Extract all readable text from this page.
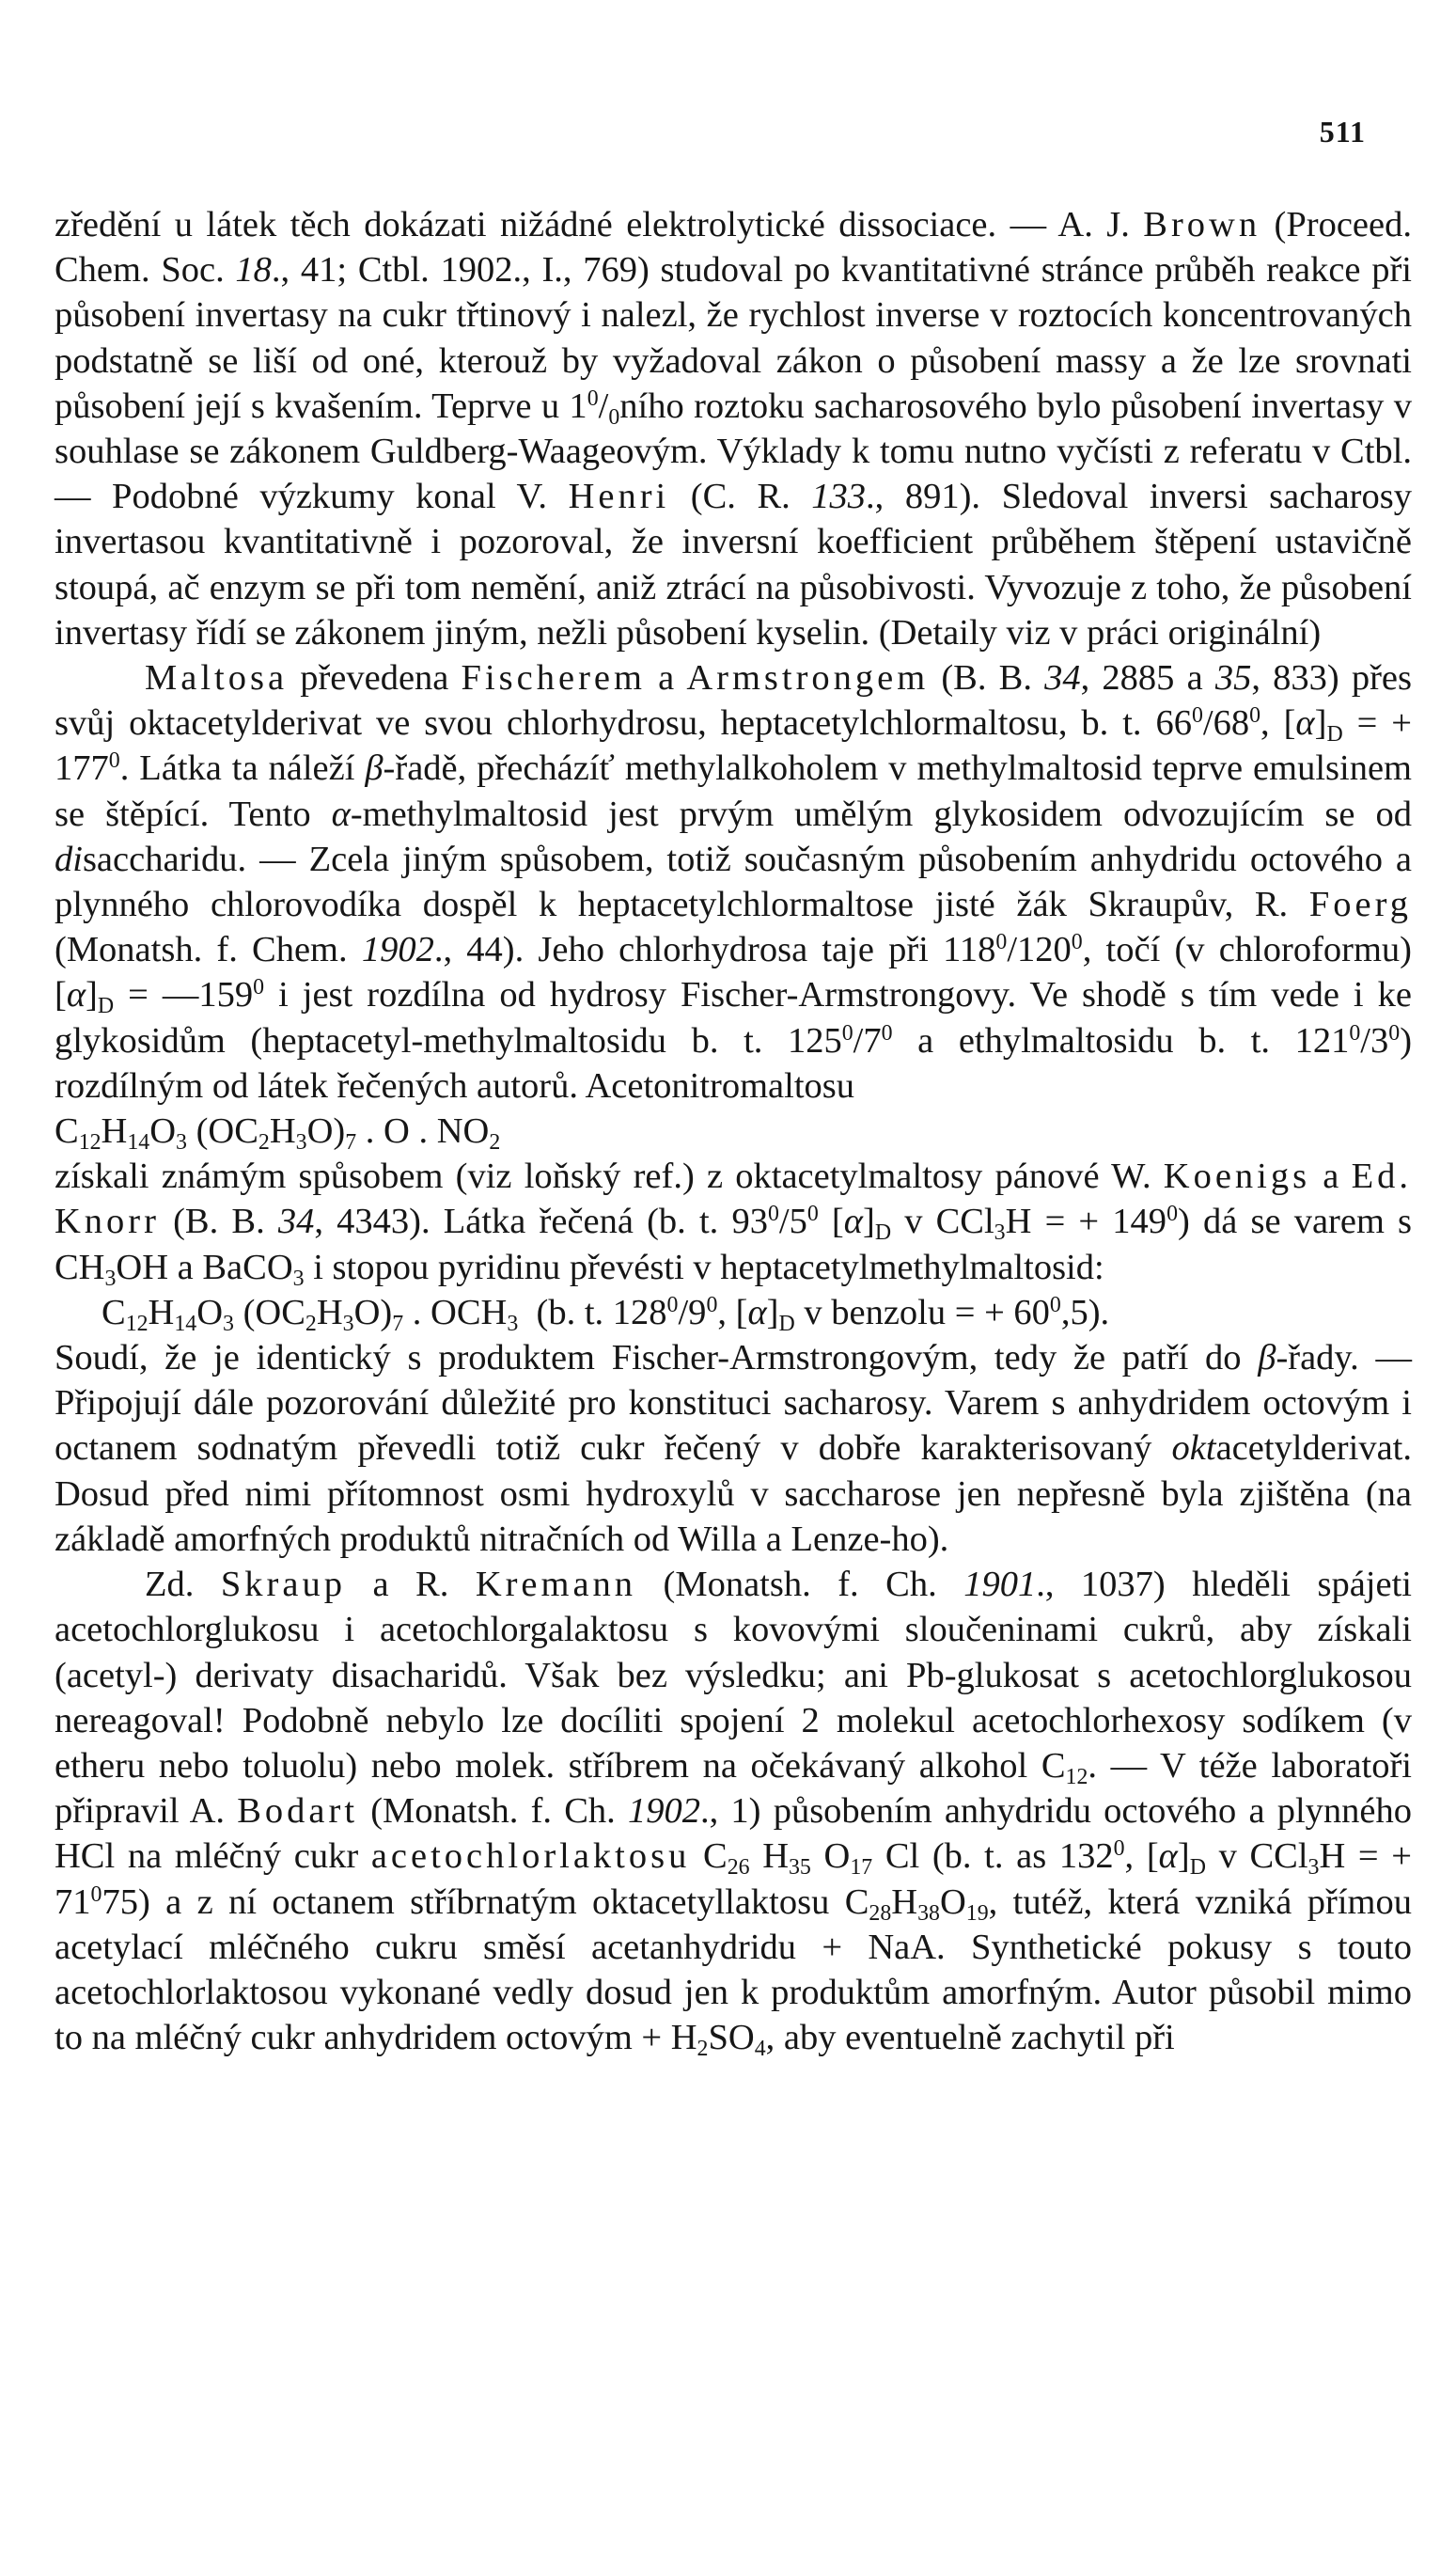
511

zředění u látek těch dokázati nižádné elektrolytické dissociace. — A. J. Brown (Proceed. Chem. Soc. 18., 41; Ctbl. 1902., I., 769) studoval po kvantitativné stránce průběh reakce při působení invertasy na cukr třtinový i nalezl, že rychlost inverse v roztocích koncentrovaných podstatně se liší od oné, kterouž by vyžadoval zákon o působení massy a že lze srovnati působení její s kvašením. Teprve u $1^0/_0ního$ roztoku sacharosového bylo působení invertasy v souhlase se zákonem Guldberg-Waageovým. Výklady k tomu nutno vyčísti z referatu v Ctbl. — Podobné výzkumy konal V. Henri (C. R. 133., 891). Sledoval inversi sacharosy invertasou kvantitativně i pozoroval, že inversní koefficient průběhem štěpení ustavičně stoupá, ač enzym se při tom nemění, aniž ztrácí na působivosti. Vyvozuje z toho, že působení invertasy řídí se zákonem jiným, nežli působení kyselin. (Detaily viz v práci originální)

Maltosa převedena Fischerem a Armstrongem (B. B. 34, 2885 a 35, 833) přes svůj oktacetylderivat ve svou chlorhydrosu, heptacetylchlormaltosu, b. t. $66^0/68^0$, $[\alpha]_D$ = + $177^0$. Látka ta náleží β-řadě, přecházíť methylalkoholem v methylmaltosid teprve emulsinem se štěpící. Tento α-methylmaltosid jest prvým umělým glykosidem odvozujícím se od disaccharidu. — Zcela jiným spůsobem, totiž současným působením anhydridu octového a plynného chlorovodíka dospěl k heptacetylchlormaltose jisté žák Skraupův, R. Foerg (Monatsh. f. Chem. 1902., 44). Jeho chlorhydrosa taje při $118^0/120^0$, točí (v chloroformu) $[\alpha]_D$ = $—159^0$ i jest rozdílna od hydrosy Fischer-Armstrongovy. Ve shodě s tím vede i ke glykosidům (heptacetyl-methylmaltosidu b. t. $125^0/7^0$ a ethylmaltosidu b. t. $121^0/3^0$) rozdílným od látek řečených autorů. Acetonitromaltosu

$C_{12}H_{14}O_3$ $(OC_2H_3O)_7$ . O . $NO_2$

získali známým spůsobem (viz loňský ref.) z oktacetylmaltosy pánové W. Koenigs a Ed. Knorr (B. B. 34, 4343). Látka řečená (b. t. $93^0/5^0$ $[\alpha]_D$ v CCl$_3$H = + $149^0$) dá se varem s $CH_3OH$ a BaCO$_3$ i stopou pyridinu převésti v heptacetylmethylmaltosid:

$C_{12}H_{14}O_3$ $(OC_2H_3O)_7$ . $OCH_3$  (b. t. $128^0/9^0$, $[\alpha]_D$ v benzolu = + $60^0,5$).

Soudí, že je identický s produktem Fischer-Armstrongovým, tedy že patří do β-řady. — Připojují dále pozorování důležité pro konstituci sacharosy. Varem s anhydridem octovým i octanem sodnatým převedli totiž cukr řečený v dobře karakterisovaný oktacetylderivat. Dosud před nimi přítomnost osmi hydroxylů v saccharose jen nepřesně byla zjištěna (na základě amorfných produktů nitračních od Willa a Lenze-ho).

Zd. Skraup a R. Kremann (Monatsh. f. Ch. 1901., 1037) hleděli spájeti acetochlorglukosu i acetochlorgalaktosu s kovovými sloučeninami cukrů, aby získali (acetyl-) derivaty disacharidů. Však bez výsledku; ani Pb-glukosat s acetochlorglukosou nereagoval! Podobně nebylo lze docíliti spojení 2 molekul acetochlorhexosy sodíkem (v etheru nebo toluolu) nebo molek. stříbrem na očekávaný alkohol $C_{12}$. — V téže laboratoři připravil A. Bodart (Monatsh. f. Ch. 1902., 1) působením anhydridu octového a plynného HCl na mléčný cukr acetochlorlaktosu $C_{26}$ $H_{35}$ $O_{17}$ Cl (b. t. as $132^0$, $[\alpha]_D$ v CCl$_3$H = + $71^075$) a z ní octanem stříbrnatým oktacetyllaktosu $C_{28}H_{38}O_{19}$, tutéž, která vzniká přímou acetylací mléčného cukru směsí acetanhydridu + NaA. Synthetické pokusy s touto acetochlorlaktosou vykonané vedly dosud jen k produktům amorfným. Autor působil mimo to na mléčný cukr anhydridem octovým + $H_2SO_4$, aby eventuelně zachytil při
